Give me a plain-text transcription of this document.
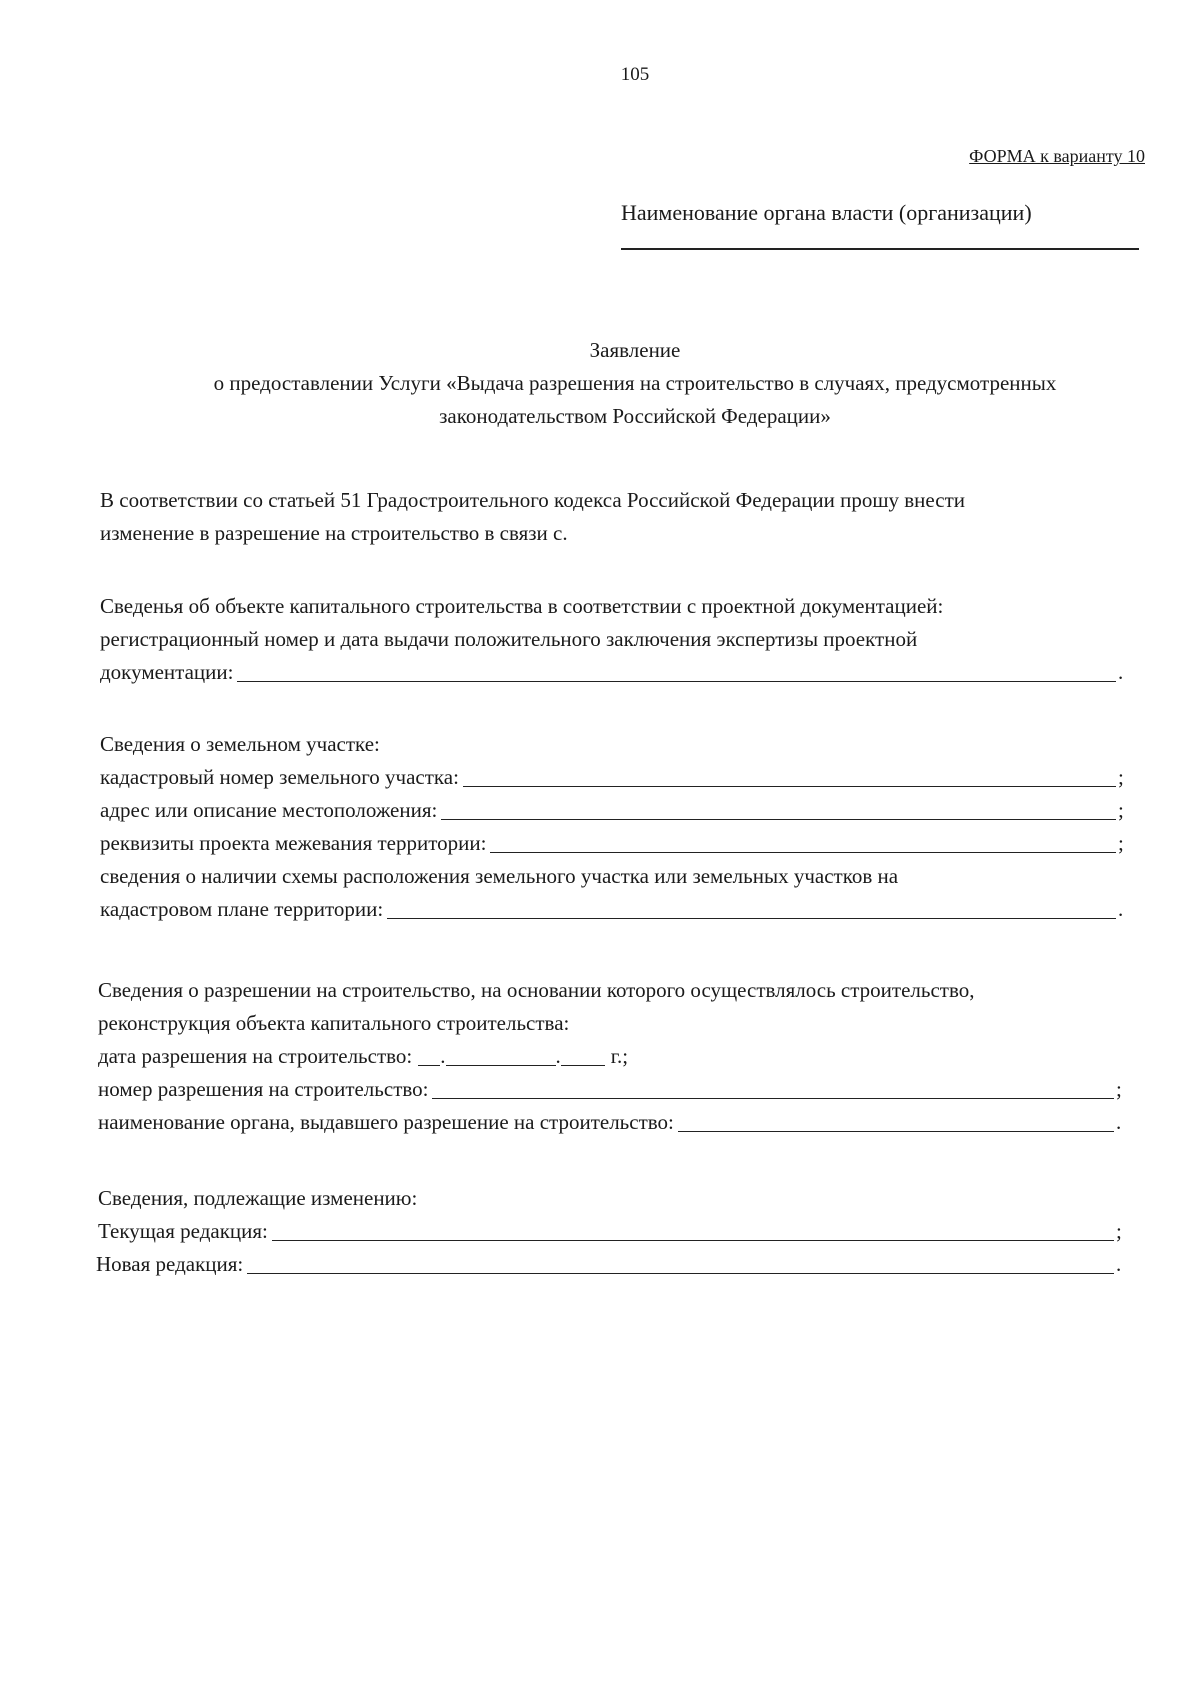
105
ФОРМА к варианту 10
Наименование органа власти (организации)
Заявление
о предоставлении Услуги «Выдача разрешения на строительство в случаях, предусмотренных
законодательством Российской Федерации»
В соответствии со статьей 51 Градостроительного кодекса Российской Федерации прошу внести
изменение в разрешение на строительство в связи с.
Сведенья об объекте капитального строительства в соответствии с проектной документацией:
регистрационный номер и дата выдачи положительного заключения экспертизы проектной
документации:	.
Сведения о земельном участке:
кадастровый номер земельного участка:	;
адрес или описание местоположения:	;
реквизиты проекта межевания территории:	;
сведения о наличии схемы расположения земельного участка или земельных участков на
кадастровом плане территории:	.
Сведения о разрешении на строительство, на основании которого осуществлялось строительство,
реконструкция объекта капитального строительства:
дата разрешения на строительство: .	. г.;
номер разрешения на строительство:	;
наименование органа, выдавшего разрешение на строительство:	.
Сведения, подлежащие изменению:
Текущая редакция:	;
Новая редакция:	.
